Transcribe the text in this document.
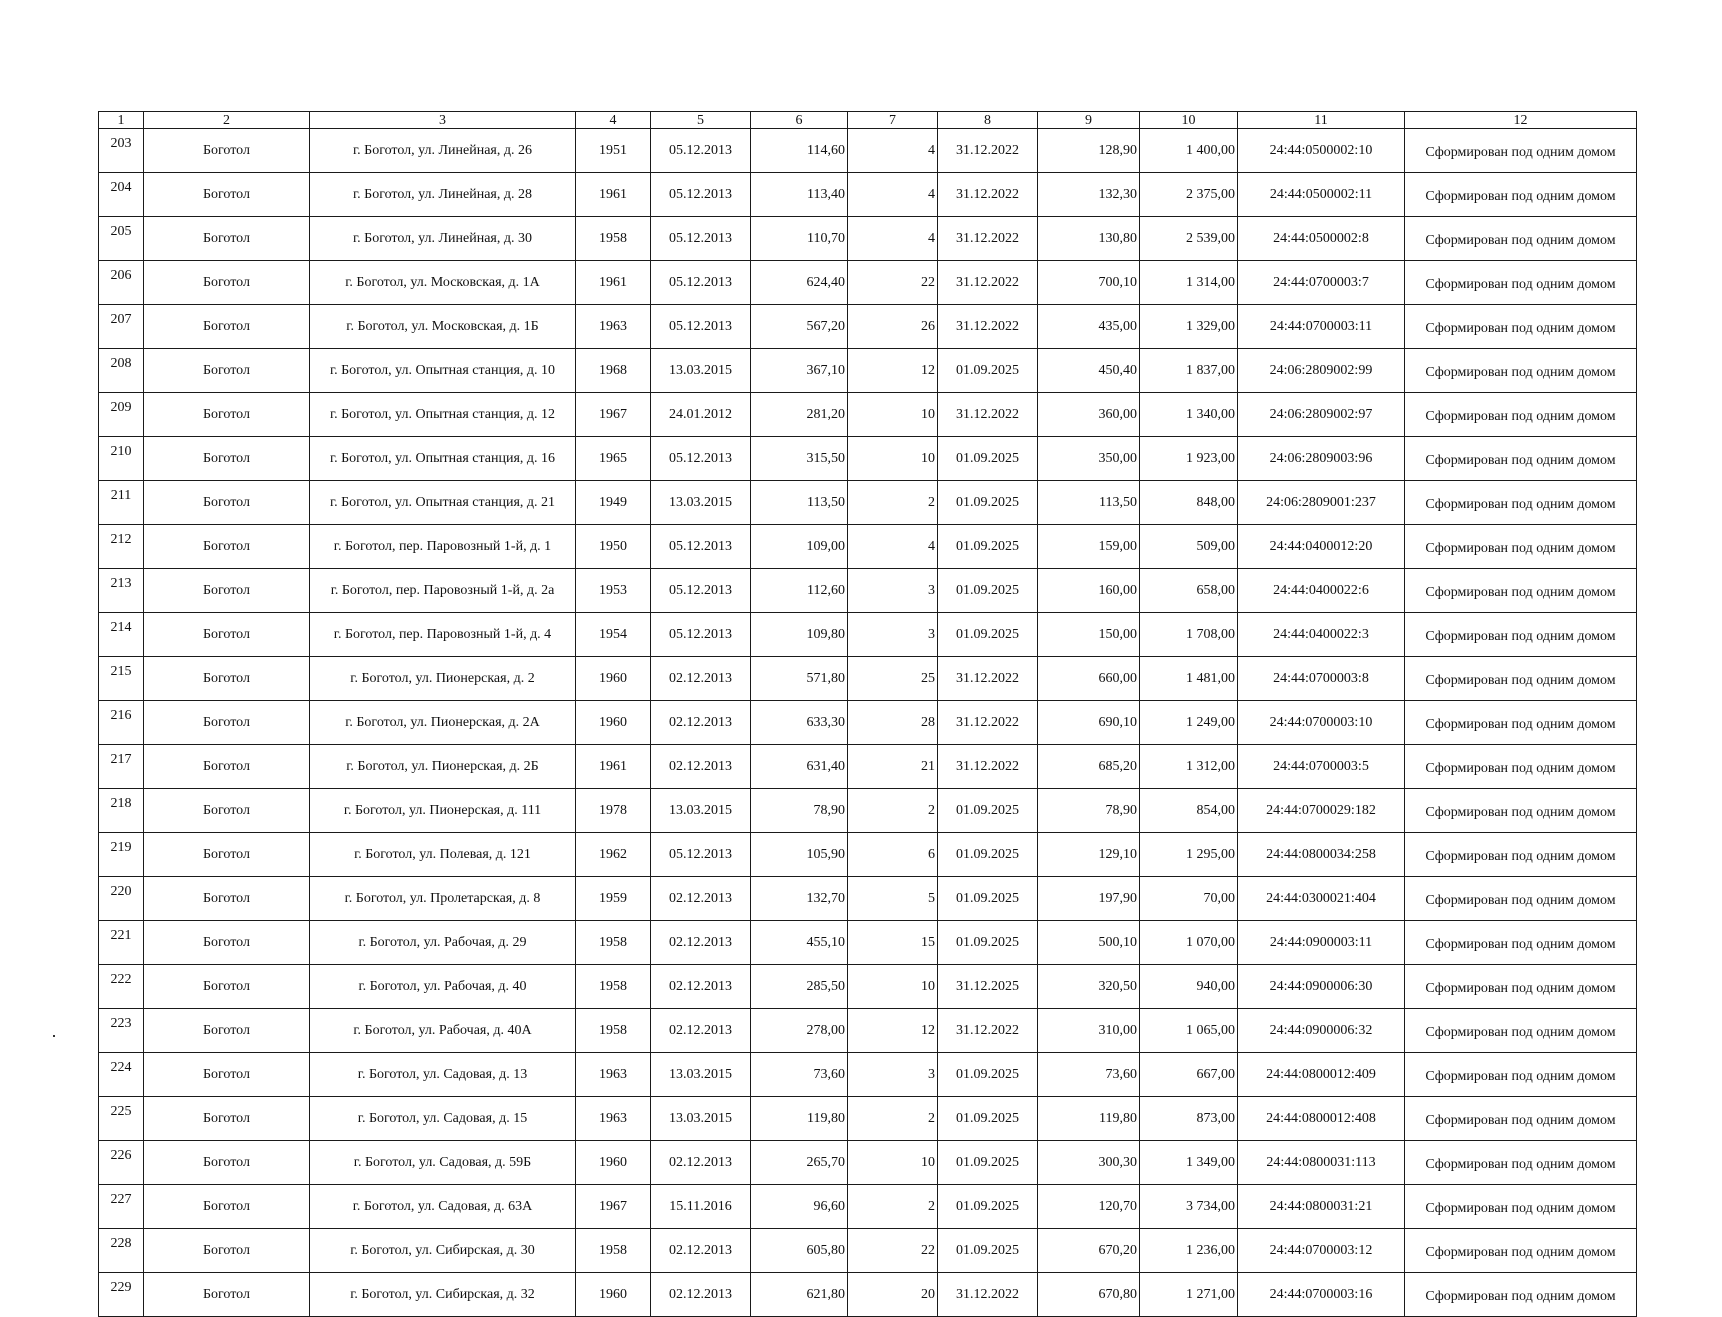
1	2	3	4	5	6	7	8	9	10	11	12
203	Боготол	г. Боготол, ул. Линейная, д. 26	1951	05.12.2013	114,60	4	31.12.2022	128,90	1 400,00	24:44:0500002:10	Сформирован под одним домом
204	Боготол	г. Боготол, ул. Линейная, д. 28	1961	05.12.2013	113,40	4	31.12.2022	132,30	2 375,00	24:44:0500002:11	Сформирован под одним домом
205	Боготол	г. Боготол, ул. Линейная, д. 30	1958	05.12.2013	110,70	4	31.12.2022	130,80	2 539,00	24:44:0500002:8	Сформирован под одним домом
206	Боготол	г. Боготол, ул. Московская, д. 1А	1961	05.12.2013	624,40	22	31.12.2022	700,10	1 314,00	24:44:0700003:7	Сформирован под одним домом
207	Боготол	г. Боготол, ул. Московская, д. 1Б	1963	05.12.2013	567,20	26	31.12.2022	435,00	1 329,00	24:44:0700003:11	Сформирован под одним домом
208	Боготол	г. Боготол, ул. Опытная станция, д. 10	1968	13.03.2015	367,10	12	01.09.2025	450,40	1 837,00	24:06:2809002:99	Сформирован под одним домом
209	Боготол	г. Боготол, ул. Опытная станция, д. 12	1967	24.01.2012	281,20	10	31.12.2022	360,00	1 340,00	24:06:2809002:97	Сформирован под одним домом
210	Боготол	г. Боготол, ул. Опытная станция, д. 16	1965	05.12.2013	315,50	10	01.09.2025	350,00	1 923,00	24:06:2809003:96	Сформирован под одним домом
211	Боготол	г. Боготол, ул. Опытная станция, д. 21	1949	13.03.2015	113,50	2	01.09.2025	113,50	848,00	24:06:2809001:237	Сформирован под одним домом
212	Боготол	г. Боготол, пер. Паровозный 1-й, д. 1	1950	05.12.2013	109,00	4	01.09.2025	159,00	509,00	24:44:0400012:20	Сформирован под одним домом
213	Боготол	г. Боготол, пер. Паровозный 1-й, д. 2а	1953	05.12.2013	112,60	3	01.09.2025	160,00	658,00	24:44:0400022:6	Сформирован под одним домом
214	Боготол	г. Боготол, пер. Паровозный 1-й, д. 4	1954	05.12.2013	109,80	3	01.09.2025	150,00	1 708,00	24:44:0400022:3	Сформирован под одним домом
215	Боготол	г. Боготол, ул. Пионерская, д. 2	1960	02.12.2013	571,80	25	31.12.2022	660,00	1 481,00	24:44:0700003:8	Сформирован под одним домом
216	Боготол	г. Боготол, ул. Пионерская, д. 2А	1960	02.12.2013	633,30	28	31.12.2022	690,10	1 249,00	24:44:0700003:10	Сформирован под одним домом
217	Боготол	г. Боготол, ул. Пионерская, д. 2Б	1961	02.12.2013	631,40	21	31.12.2022	685,20	1 312,00	24:44:0700003:5	Сформирован под одним домом
218	Боготол	г. Боготол, ул. Пионерская, д. 111	1978	13.03.2015	78,90	2	01.09.2025	78,90	854,00	24:44:0700029:182	Сформирован под одним домом
219	Боготол	г. Боготол, ул. Полевая, д. 121	1962	05.12.2013	105,90	6	01.09.2025	129,10	1 295,00	24:44:0800034:258	Сформирован под одним домом
220	Боготол	г. Боготол, ул. Пролетарская, д. 8	1959	02.12.2013	132,70	5	01.09.2025	197,90	70,00	24:44:0300021:404	Сформирован под одним домом
221	Боготол	г. Боготол, ул. Рабочая, д. 29	1958	02.12.2013	455,10	15	01.09.2025	500,10	1 070,00	24:44:0900003:11	Сформирован под одним домом
222	Боготол	г. Боготол, ул. Рабочая, д. 40	1958	02.12.2013	285,50	10	31.12.2025	320,50	940,00	24:44:0900006:30	Сформирован под одним домом
223	Боготол	г. Боготол, ул. Рабочая, д. 40А	1958	02.12.2013	278,00	12	31.12.2022	310,00	1 065,00	24:44:0900006:32	Сформирован под одним домом
224	Боготол	г. Боготол, ул. Садовая, д. 13	1963	13.03.2015	73,60	3	01.09.2025	73,60	667,00	24:44:0800012:409	Сформирован под одним домом
225	Боготол	г. Боготол, ул. Садовая, д. 15	1963	13.03.2015	119,80	2	01.09.2025	119,80	873,00	24:44:0800012:408	Сформирован под одним домом
226	Боготол	г. Боготол, ул. Садовая, д. 59Б	1960	02.12.2013	265,70	10	01.09.2025	300,30	1 349,00	24:44:0800031:113	Сформирован под одним домом
227	Боготол	г. Боготол, ул. Садовая, д. 63А	1967	15.11.2016	96,60	2	01.09.2025	120,70	3 734,00	24:44:0800031:21	Сформирован под одним домом
228	Боготол	г. Боготол, ул. Сибирская, д. 30	1958	02.12.2013	605,80	22	01.09.2025	670,20	1 236,00	24:44:0700003:12	Сформирован под одним домом
229	Боготол	г. Боготол, ул. Сибирская, д. 32	1960	02.12.2013	621,80	20	31.12.2022	670,80	1 271,00	24:44:0700003:16	Сформирован под одним домом
